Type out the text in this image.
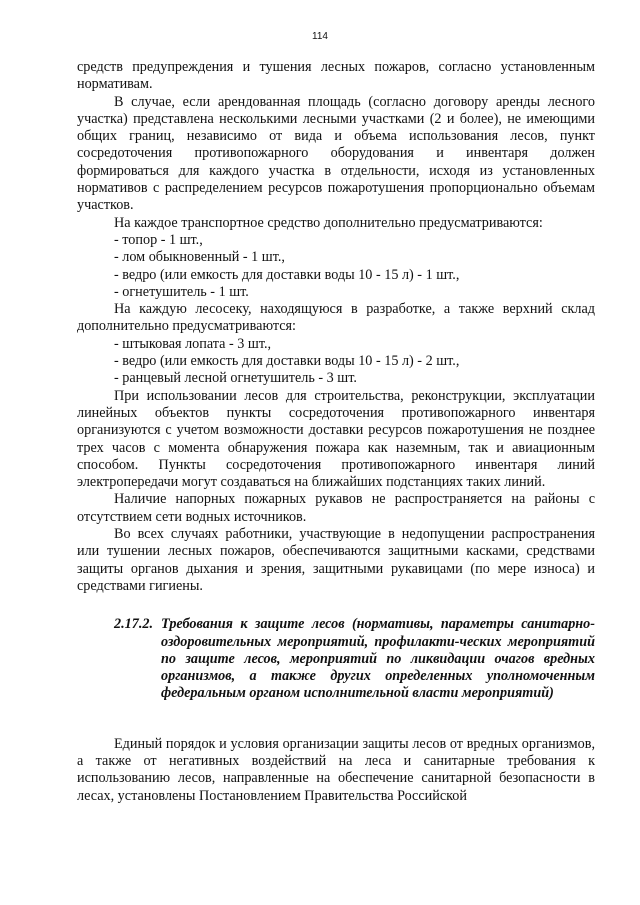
114

средств предупреждения и тушения лесных пожаров, согласно установленным нормативам.

В случае, если арендованная площадь (согласно договору аренды лесного участка) представлена несколькими лесными участками (2 и более), не имеющими общих границ, независимо от вида и объема использования лесов, пункт сосредоточения противопожарного оборудования и инвентаря должен формироваться для каждого участка в отдельности, исходя из установленных нормативов с распределением ресурсов пожаротушения пропорционально объемам участков.

На каждое транспортное средство дополнительно предусматриваются:

- топор - 1 шт.,

- лом обыкновенный - 1 шт.,

- ведро (или емкость для доставки воды 10 - 15 л) - 1 шт.,

- огнетушитель - 1 шт.

На каждую лесосеку, находящуюся в разработке, а также верхний склад дополнительно предусматриваются:

- штыковая лопата - 3 шт.,

- ведро (или емкость для доставки воды 10 - 15 л) - 2 шт.,

- ранцевый лесной огнетушитель - 3 шт.

При использовании лесов для строительства, реконструкции, эксплуатации линейных объектов пункты сосредоточения противопожарного инвентаря организуются с учетом возможности доставки ресурсов пожаротушения не позднее трех часов с момента обнаружения пожара как наземным, так и авиационным способом. Пункты сосредоточения противопожарного инвентаря линий электропередачи могут создаваться на ближайших подстанциях таких линий.

Наличие напорных пожарных рукавов не распространяется на районы с отсутствием сети водных источников.

Во всех случаях работники, участвующие в недопущении распространения или тушении лесных пожаров, обеспечиваются защитными касками, средствами защиты органов дыхания и зрения, защитными рукавицами (по мере износа) и средствами гигиены.

2.17.2. Требования к защите лесов (нормативы, параметры санитарно-оздоровительных мероприятий, профилакти-ческих мероприятий по защите лесов, мероприятий по ликвидации очагов вредных организмов, а также других определенных уполномоченным федеральным органом исполнительной власти мероприятий)

Единый порядок и условия организации защиты лесов от вредных организмов, а также от негативных воздействий на леса и санитарные требования к использованию лесов, направленные на обеспечение санитарной безопасности в лесах, установлены Постановлением Правительства Российской
